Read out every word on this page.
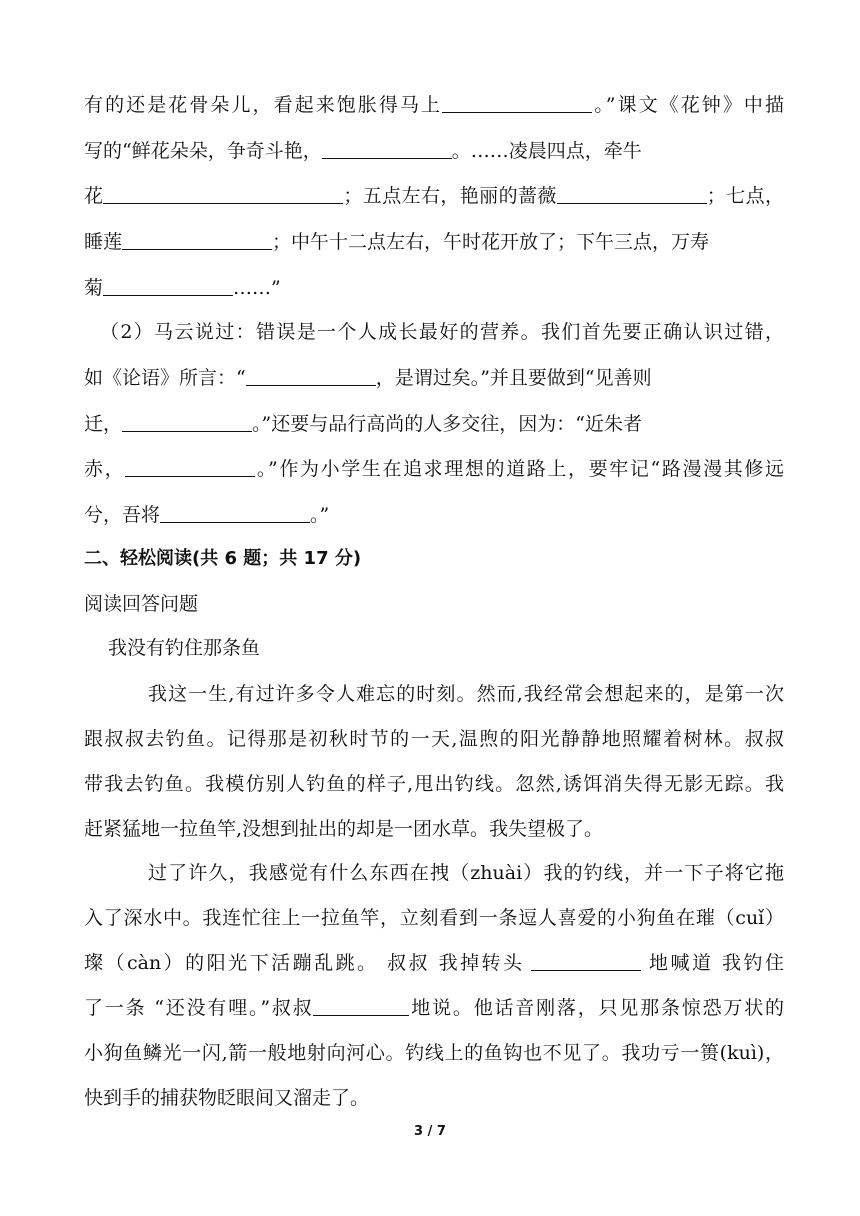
有的还是花骨朵儿，看起来饱胀得马上	。”课文《花钟》中描
写的“鲜花朵朵，争奇斗艳，	。……凌晨四点，牵牛
花	；五点左右，艳丽的蔷薇	；七点，
睡莲	；中午十二点左右，午时花开放了；下午三点，万寿
菊	……”
（2）马云说过：错误是一个人成长最好的营养。我们首先要正确认识过错，
如《论语》所言：“	，是谓过矣。”并且要做到“见善则
迁，	。”还要与品行高尚的人多交往，因为：“近朱者
赤，	。”作为小学生在追求理想的道路上，要牢记“路漫漫其修远
兮，吾将	。”
二、轻松阅读(共 6 题；共 17 分)
阅读回答问题
我没有钓住那条鱼
我这一生,有过许多令人难忘的时刻。然而,我经常会想起来的，是第一次
跟叔叔去钓鱼。记得那是初秋时节的一天,温煦的阳光静静地照耀着树林。叔叔
带我去钓鱼。我模仿别人钓鱼的样子,甩出钓线。忽然,诱饵消失得无影无踪。我
赶紧猛地一拉鱼竿,没想到扯出的却是一团水草。我失望极了。
过了许久，我感觉有什么东西在拽（zhuài）我的钓线，并一下子将它拖
入了深水中。我连忙往上一拉鱼竿，立刻看到一条逗人喜爱的小狗鱼在璀（cuǐ）
璨（càn）的阳光下活蹦乱跳。 叔叔 我掉转头	地喊道 我钓住
了一条 “还没有哩。”叔叔	地说。他话音刚落，只见那条惊恐万状的
小狗鱼鳞光一闪,箭一般地射向河心。钓线上的鱼钩也不见了。我功亏一篑(kuì)，
快到手的捕获物眨眼间又溜走了。
3 / 7
